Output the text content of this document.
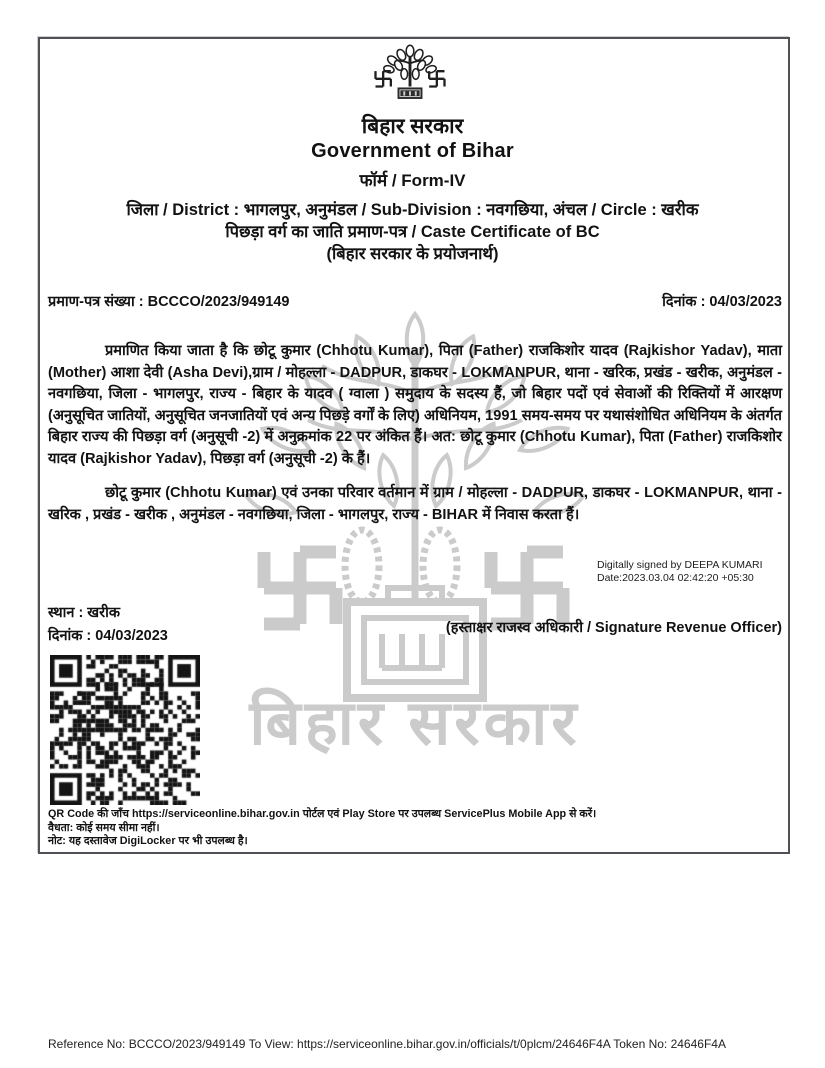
बिहार सरकार
बिहार सरकार
Government of Bihar
फॉर्म / Form-IV
जिला / District : भागलपुर, अनुमंडल / Sub-Division : नवगछिया, अंचल / Circle : खरीक
पिछड़ा वर्ग का जाति प्रमाण-पत्र / Caste Certificate of BC
(बिहार सरकार के प्रयोजनार्थ)
प्रमाण-पत्र संख्या : BCCCO/2023/949149	दिनांक : 04/03/2023
प्रमाणित किया जाता है कि छोटू कुमार (Chhotu Kumar), पिता (Father) राजकिशोर यादव (Rajkishor Yadav), माता (Mother) आशा देवी (Asha Devi),ग्राम / मोहल्ला - DADPUR, डाकघर - LOKMANPUR, थाना - खरिक, प्रखंड - खरीक, अनुमंडल - नवगछिया, जिला - भागलपुर, राज्य - बिहार के यादव ( ग्वाला ) समुदाय के सदस्य हैं, जो बिहार पदों एवं सेवाओं की रिक्तियों में आरक्षण (अनुसूचित जातियों, अनुसूचित जनजातियों एवं अन्य पिछड़े वर्गों के लिए) अधिनियम, 1991 समय-समय पर यथासंशोधित अधिनियम के अंतर्गत बिहार राज्य की पिछड़ा वर्ग (अनुसूची -2) में अनुक्रमांक 22 पर अंकित हैं। अत: छोटू कुमार (Chhotu Kumar), पिता (Father) राजकिशोर यादव (Rajkishor Yadav), पिछड़ा वर्ग (अनुसूची -2) के हैं।
छोटू कुमार (Chhotu Kumar) एवं उनका परिवार वर्तमान में ग्राम / मोहल्ला - DADPUR, डाकघर - LOKMANPUR, थाना - खरिक , प्रखंड - खरीक , अनुमंडल - नवगछिया, जिला - भागलपुर, राज्य - BIHAR में निवास करता हैं।
Digitally signed by DEEPA KUMARI
Date:2023.03.04 02:42:20 +05:30
स्थान : खरीक
दिनांक : 04/03/2023	(हस्ताक्षर राजस्व अधिकारी / Signature Revenue Officer)
QR Code की जाँच https://serviceonline.bihar.gov.in पोर्टल एवं Play Store पर उपलब्ध ServicePlus Mobile App से करें।
वैधता: कोई समय सीमा नहीं।
नोट: यह दस्तावेज DigiLocker पर भी उपलब्ध है।
Reference No: BCCCO/2023/949149 To View: https://serviceonline.bihar.gov.in/officials/t/0plcm/24646F4A Token No: 24646F4A
